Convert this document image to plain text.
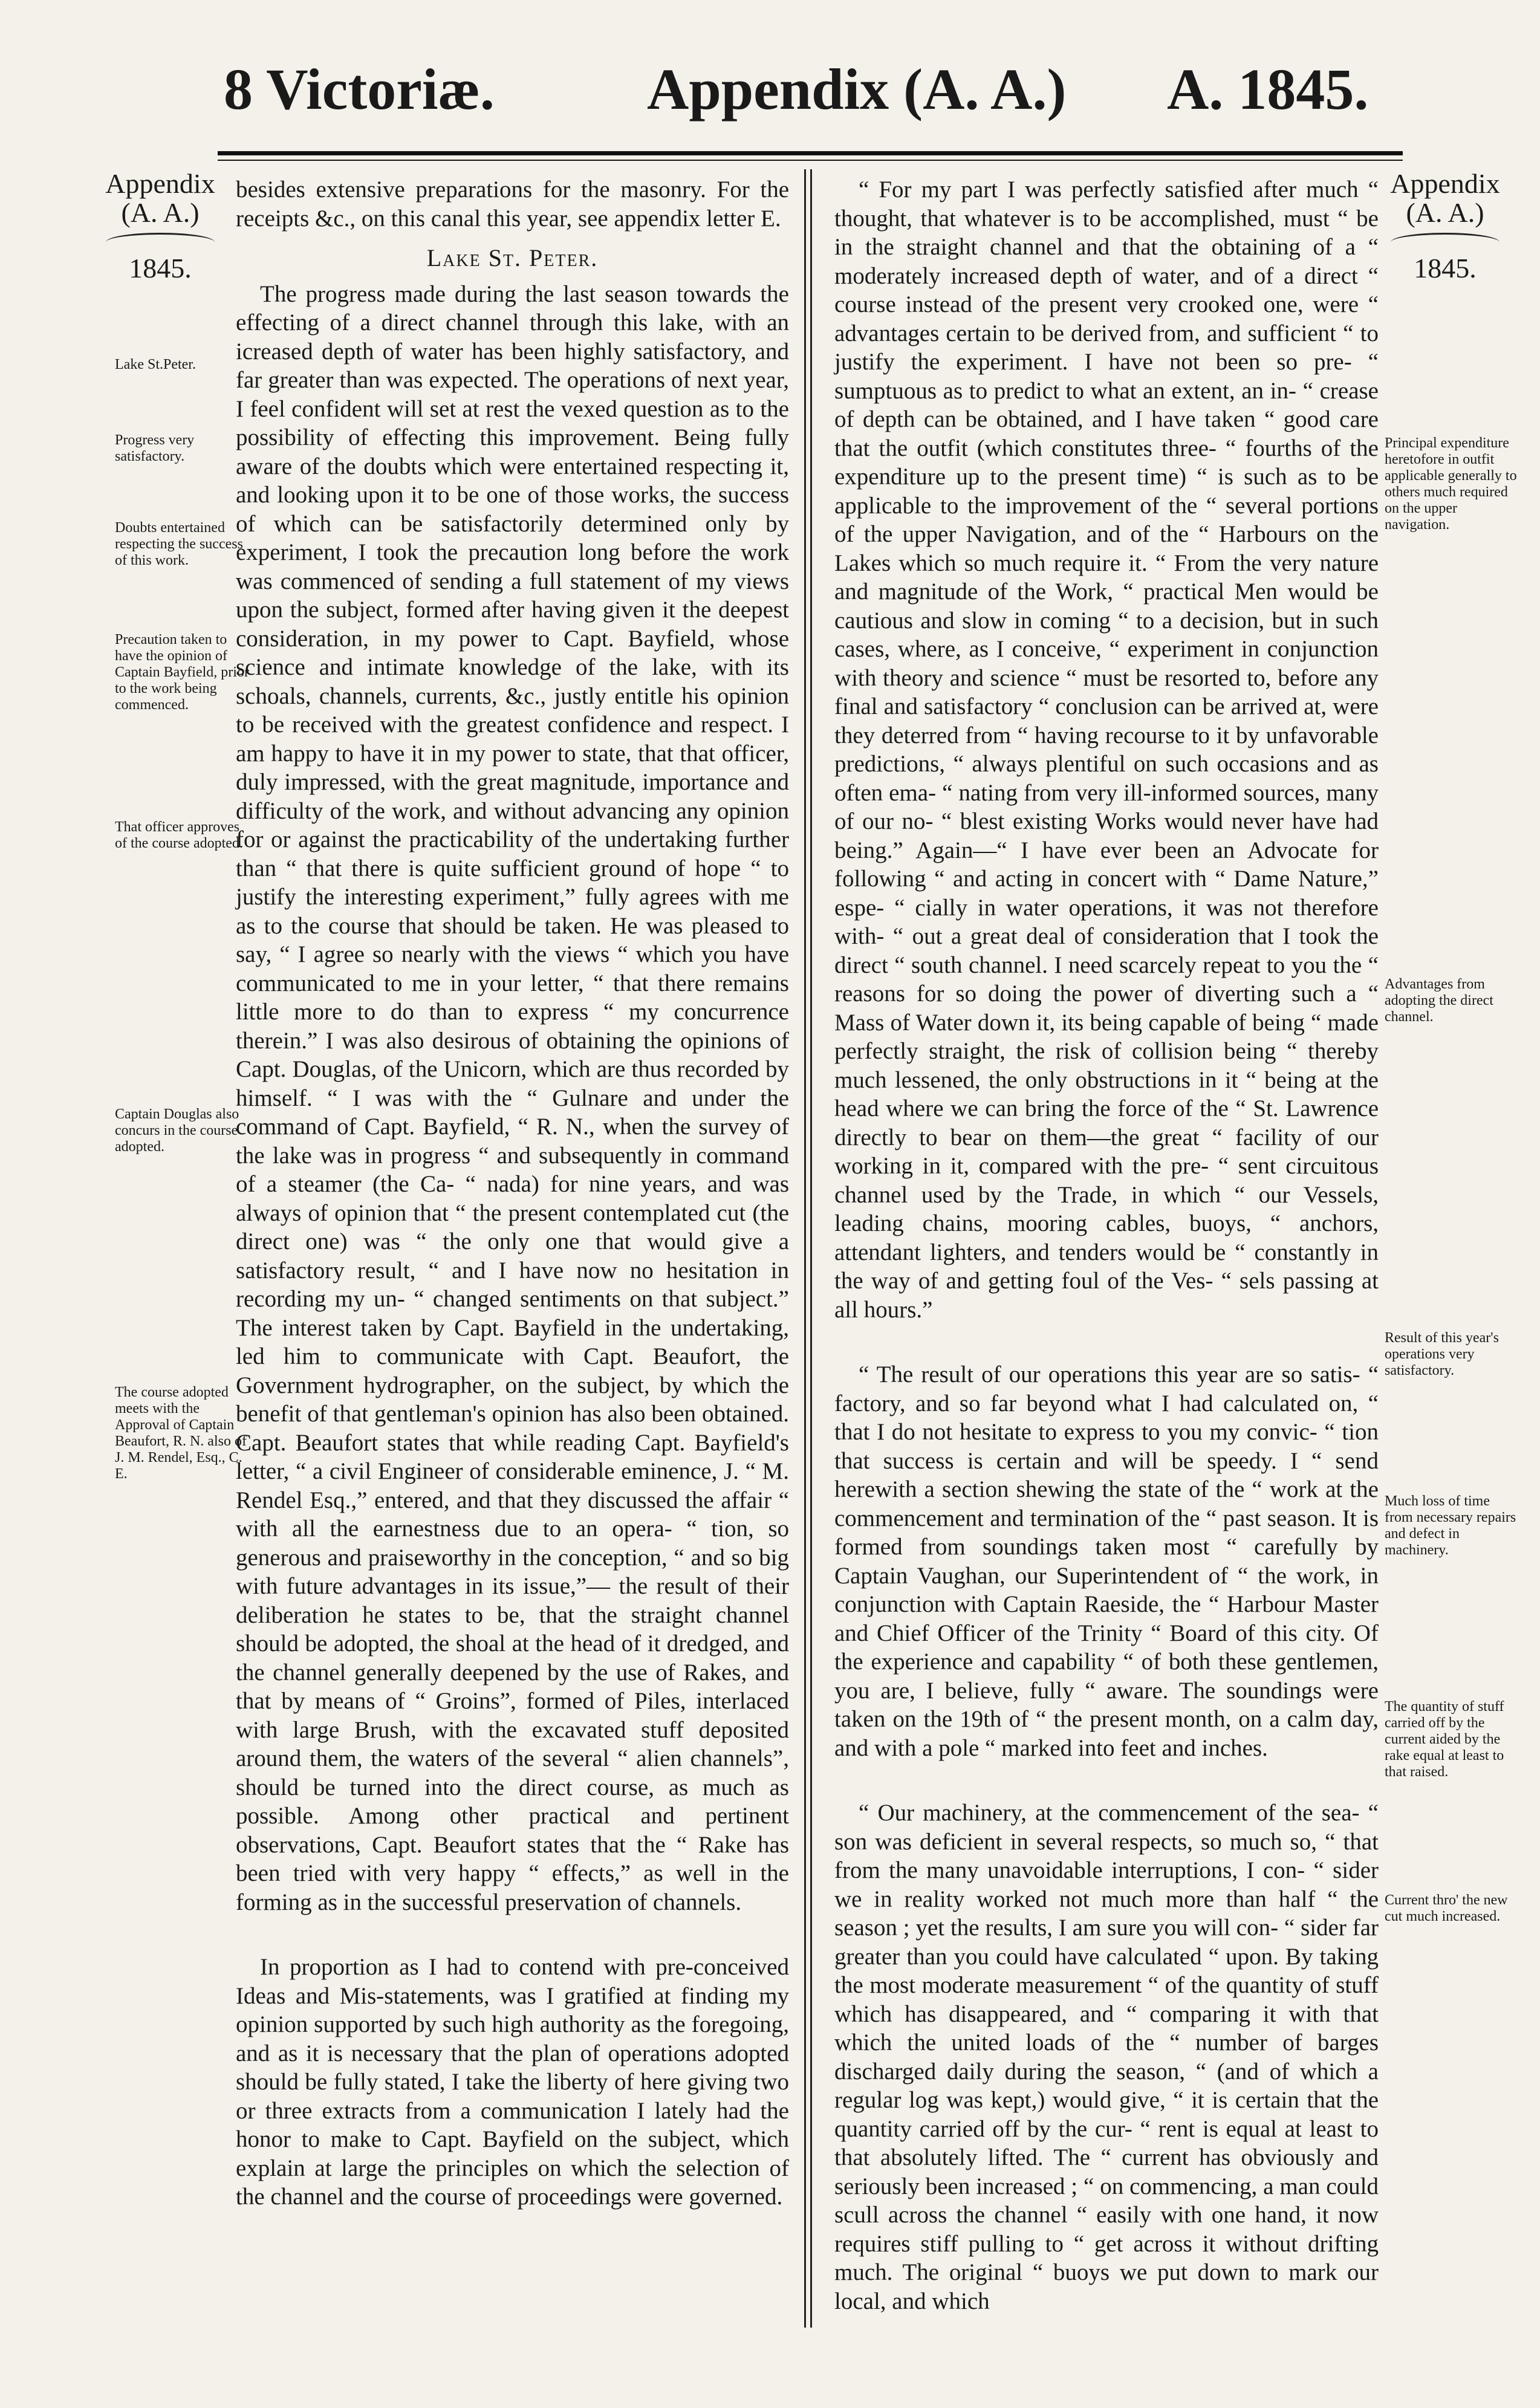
8 Victoriæ.	Appendix (A. A.) A. 1845.
Appendix
(A. A.)
1845.
Appendix
(A. A.)
1845.
Lake St.Peter.
Progress very satisfactory.
Doubts entertained respecting the success of this work.
Precaution taken to have the opinion of Captain Bayfield, prior to the work being commenced.
That officer approves of the course adopted.
Captain Douglas also concurs in the course adopted.
The course adopted meets with the Approval of Captain Beaufort, R. N. also of J. M. Rendel, Esq., C. E.
Principal expenditure heretofore in outfit applicable generally to others much required on the upper navigation.
Advantages from adopting the direct channel.
Result of this year's operations very satisfactory.
Much loss of time from necessary repairs and defect in machinery.
The quantity of stuff carried off by the current aided by the rake equal at least to that raised.
Current thro' the new cut much increased.

besides extensive preparations for the masonry. For the receipts &c., on this canal this year, see appendix letter E.

Lake St. Peter.

The progress made during the last season towards the effecting of a direct channel through this lake, with an icreased depth of water has been highly satisfactory, and far greater than was expected. The operations of next year, I feel confident will set at rest the vexed question as to the possibility of effecting this improvement. Being fully aware of the doubts which were entertained respecting it, and looking upon it to be one of those works, the success of which can be satisfactorily determined only by experiment, I took the precaution long before the work was commenced of sending a full statement of my views upon the subject, formed after having given it the deepest consideration, in my power to Capt. Bayfield, whose science and intimate knowledge of the lake, with its schoals, channels, currents, &c., justly entitle his opinion to be received with the greatest confidence and respect. I am happy to have it in my power to state, that that officer, duly impressed, with the great magnitude, importance and difficulty of the work, and without advancing any opinion for or against the practicability of the undertaking further than “ that there is quite sufficient ground of hope “ to justify the interesting experiment,” fully agrees with me as to the course that should be taken. He was pleased to say, “ I agree so nearly with the views “ which you have communicated to me in your letter, “ that there remains little more to do than to express “ my concurrence therein.” I was also desirous of obtaining the opinions of Capt. Douglas, of the Unicorn, which are thus recorded by himself. “ I was with the “ Gulnare and under the command of Capt. Bayfield, “ R. N., when the survey of the lake was in progress “ and subsequently in command of a steamer (the Ca- “ nada) for nine years, and was always of opinion that “ the present contemplated cut (the direct one) was “ the only one that would give a satisfactory result, “ and I have now no hesitation in recording my un- “ changed sentiments on that subject.” The interest taken by Capt. Bayfield in the undertaking, led him to communicate with Capt. Beaufort, the Government hydrographer, on the subject, by which the benefit of that gentleman's opinion has also been obtained. Capt. Beaufort states that while reading Capt. Bayfield's letter, “ a civil Engineer of considerable eminence, J. “ M. Rendel Esq.,” entered, and that they discussed the affair “ with all the earnestness due to an opera- “ tion, so generous and praiseworthy in the conception, “ and so big with future advantages in its issue,”— the result of their deliberation he states to be, that the straight channel should be adopted, the shoal at the head of it dredged, and the channel generally deepened by the use of Rakes, and that by means of “ Groins”, formed of Piles, interlaced with large Brush, with the excavated stuff deposited around them, the waters of the several “ alien channels”, should be turned into the direct course, as much as possible. Among other practical and pertinent observations, Capt. Beaufort states that the “ Rake has been tried with very happy “ effects,” as well in the forming as in the successful preservation of channels.

In proportion as I had to contend with pre-conceived Ideas and Mis-statements, was I gratified at finding my opinion supported by such high authority as the foregoing, and as it is necessary that the plan of operations adopted should be fully stated, I take the liberty of here giving two or three extracts from a communication I lately had the honor to make to Capt. Bayfield on the subject, which explain at large the principles on which the selection of the channel and the course of proceedings were governed.

“ For my part I was perfectly satisfied after much “ thought, that whatever is to be accomplished, must “ be in the straight channel and that the obtaining of a “ moderately increased depth of water, and of a direct “ course instead of the present very crooked one, were “ advantages certain to be derived from, and sufficient “ to justify the experiment. I have not been so pre- “ sumptuous as to predict to what an extent, an in- “ crease of depth can be obtained, and I have taken “ good care that the outfit (which constitutes three- “ fourths of the expenditure up to the present time) “ is such as to be applicable to the improvement of the “ several portions of the upper Navigation, and of the “ Harbours on the Lakes which so much require it. “ From the very nature and magnitude of the Work, “ practical Men would be cautious and slow in coming “ to a decision, but in such cases, where, as I conceive, “ experiment in conjunction with theory and science “ must be resorted to, before any final and satisfactory “ conclusion can be arrived at, were they deterred from “ having recourse to it by unfavorable predictions, “ always plentiful on such occasions and as often ema- “ nating from very ill-informed sources, many of our no- “ blest existing Works would never have had being.” Again—“ I have ever been an Advocate for following “ and acting in concert with “ Dame Nature,” espe- “ cially in water operations, it was not therefore with- “ out a great deal of consideration that I took the direct “ south channel. I need scarcely repeat to you the “ reasons for so doing the power of diverting such a “ Mass of Water down it, its being capable of being “ made perfectly straight, the risk of collision being “ thereby much lessened, the only obstructions in it “ being at the head where we can bring the force of the “ St. Lawrence directly to bear on them—the great “ facility of our working in it, compared with the pre- “ sent circuitous channel used by the Trade, in which “ our Vessels, leading chains, mooring cables, buoys, “ anchors, attendant lighters, and tenders would be “ constantly in the way of and getting foul of the Ves- “ sels passing at all hours.”

“ The result of our operations this year are so satis- “ factory, and so far beyond what I had calculated on, “ that I do not hesitate to express to you my convic- “ tion that success is certain and will be speedy. I “ send herewith a section shewing the state of the “ work at the commencement and termination of the “ past season. It is formed from soundings taken most “ carefully by Captain Vaughan, our Superintendent of “ the work, in conjunction with Captain Raeside, the “ Harbour Master and Chief Officer of the Trinity “ Board of this city. Of the experience and capability “ of both these gentlemen, you are, I believe, fully “ aware. The soundings were taken on the 19th of “ the present month, on a calm day, and with a pole “ marked into feet and inches.

“ Our machinery, at the commencement of the sea- “ son was deficient in several respects, so much so, “ that from the many unavoidable interruptions, I con- “ sider we in reality worked not much more than half “ the season ; yet the results, I am sure you will con- “ sider far greater than you could have calculated “ upon. By taking the most moderate measurement “ of the quantity of stuff which has disappeared, and “ comparing it with that which the united loads of the “ number of barges discharged daily during the season, “ (and of which a regular log was kept,) would give, “ it is certain that the quantity carried off by the cur- “ rent is equal at least to that absolutely lifted. The “ current has obviously and seriously been increased ; “ on commencing, a man could scull across the channel “ easily with one hand, it now requires stiff pulling to “ get across it without drifting much. The original “ buoys we put down to mark our local, and which
